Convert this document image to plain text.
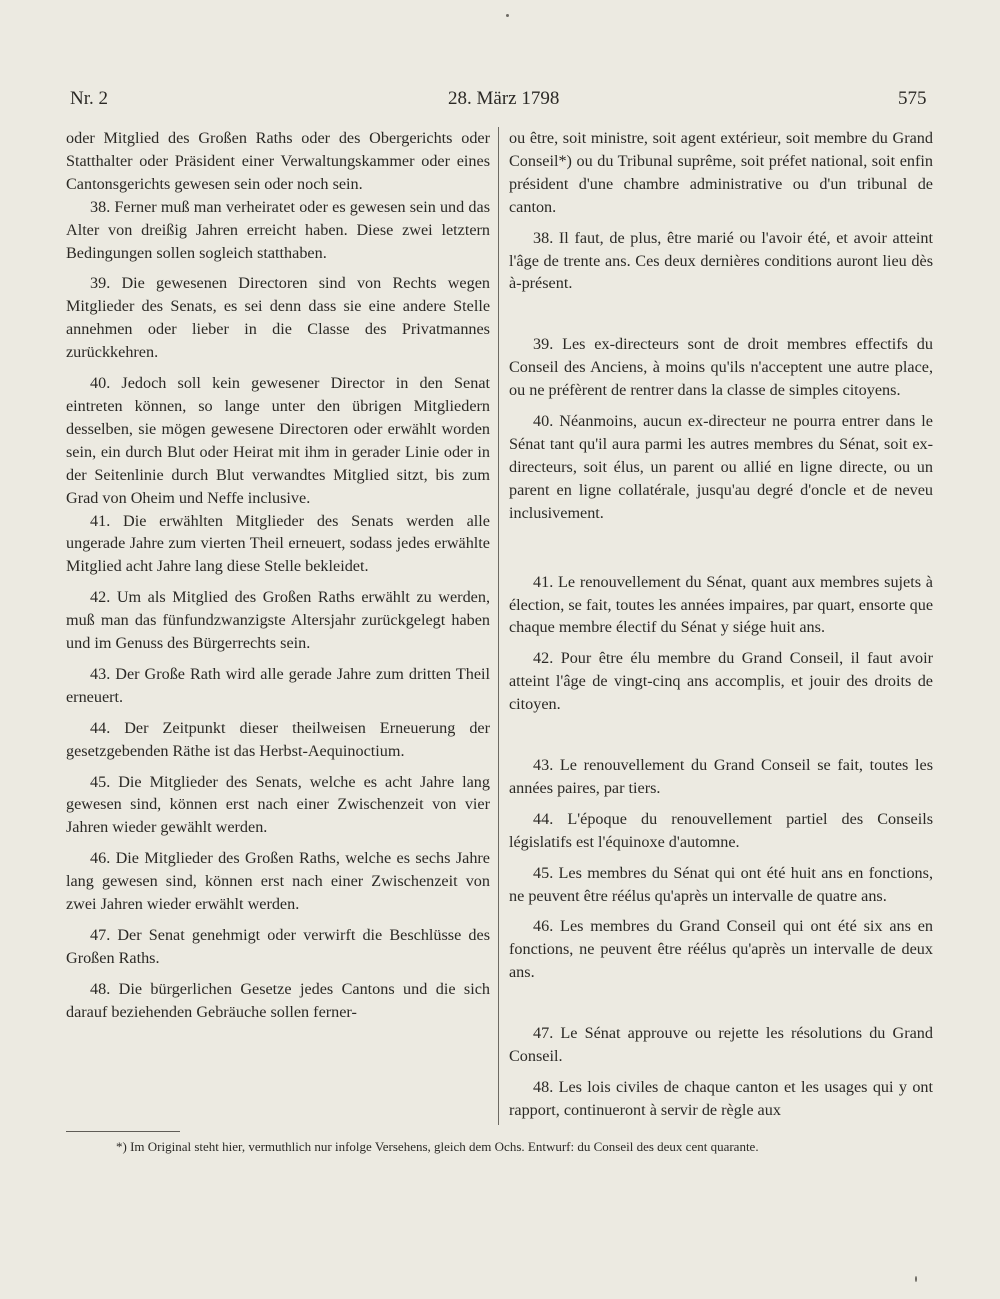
Nr. 2	28. März 1798	575

oder Mitglied des Großen Raths oder des Obergerichts oder Statthalter oder Präsident einer Verwaltungskammer oder eines Cantonsgerichts gewesen sein oder noch sein.

38. Ferner muß man verheiratet oder es gewesen sein und das Alter von dreißig Jahren erreicht haben. Diese zwei letztern Bedingungen sollen sogleich statthaben.

39. Die gewesenen Directoren sind von Rechts wegen Mitglieder des Senats, es sei denn dass sie eine andere Stelle annehmen oder lieber in die Classe des Privatmannes zurückkehren.

40. Jedoch soll kein gewesener Director in den Senat eintreten können, so lange unter den übrigen Mitgliedern desselben, sie mögen gewesene Directoren oder erwählt worden sein, ein durch Blut oder Heirat mit ihm in gerader Linie oder in der Seitenlinie durch Blut verwandtes Mitglied sitzt, bis zum Grad von Oheim und Neffe inclusive.

41. Die erwählten Mitglieder des Senats werden alle ungerade Jahre zum vierten Theil erneuert, sodass jedes erwählte Mitglied acht Jahre lang diese Stelle bekleidet.

42. Um als Mitglied des Großen Raths erwählt zu werden, muß man das fünfundzwanzigste Altersjahr zurückgelegt haben und im Genuss des Bürgerrechts sein.

43. Der Große Rath wird alle gerade Jahre zum dritten Theil erneuert.

44. Der Zeitpunkt dieser theilweisen Erneuerung der gesetzgebenden Räthe ist das Herbst-Aequinoctium.

45. Die Mitglieder des Senats, welche es acht Jahre lang gewesen sind, können erst nach einer Zwischenzeit von vier Jahren wieder gewählt werden.

46. Die Mitglieder des Großen Raths, welche es sechs Jahre lang gewesen sind, können erst nach einer Zwischenzeit von zwei Jahren wieder erwählt werden.

47. Der Senat genehmigt oder verwirft die Beschlüsse des Großen Raths.

48. Die bürgerlichen Gesetze jedes Cantons und die sich darauf beziehenden Gebräuche sollen ferner-

ou être, soit ministre, soit agent extérieur, soit membre du Grand Conseil*) ou du Tribunal suprême, soit préfet national, soit enfin président d'une chambre administrative ou d'un tribunal de canton.

38. Il faut, de plus, être marié ou l'avoir été, et avoir atteint l'âge de trente ans. Ces deux dernières conditions auront lieu dès à-présent.

39. Les ex-directeurs sont de droit membres effectifs du Conseil des Anciens, à moins qu'ils n'acceptent une autre place, ou ne préfèrent de rentrer dans la classe de simples citoyens.

40. Néanmoins, aucun ex-directeur ne pourra entrer dans le Sénat tant qu'il aura parmi les autres membres du Sénat, soit ex-directeurs, soit élus, un parent ou allié en ligne directe, ou un parent en ligne collatérale, jusqu'au degré d'oncle et de neveu inclusivement.

41. Le renouvellement du Sénat, quant aux membres sujets à élection, se fait, toutes les années impaires, par quart, ensorte que chaque membre électif du Sénat y siége huit ans.

42. Pour être élu membre du Grand Conseil, il faut avoir atteint l'âge de vingt-cinq ans accomplis, et jouir des droits de citoyen.

43. Le renouvellement du Grand Conseil se fait, toutes les années paires, par tiers.

44. L'époque du renouvellement partiel des Conseils législatifs est l'équinoxe d'automne.

45. Les membres du Sénat qui ont été huit ans en fonctions, ne peuvent être réélus qu'après un intervalle de quatre ans.

46. Les membres du Grand Conseil qui ont été six ans en fonctions, ne peuvent être réélus qu'après un intervalle de deux ans.

47. Le Sénat approuve ou rejette les résolutions du Grand Conseil.

48. Les lois civiles de chaque canton et les usages qui y ont rapport, continueront à servir de règle aux

*) Im Original steht hier, vermuthlich nur infolge Versehens, gleich dem Ochs. Entwurf: du Conseil des deux cent quarante.
